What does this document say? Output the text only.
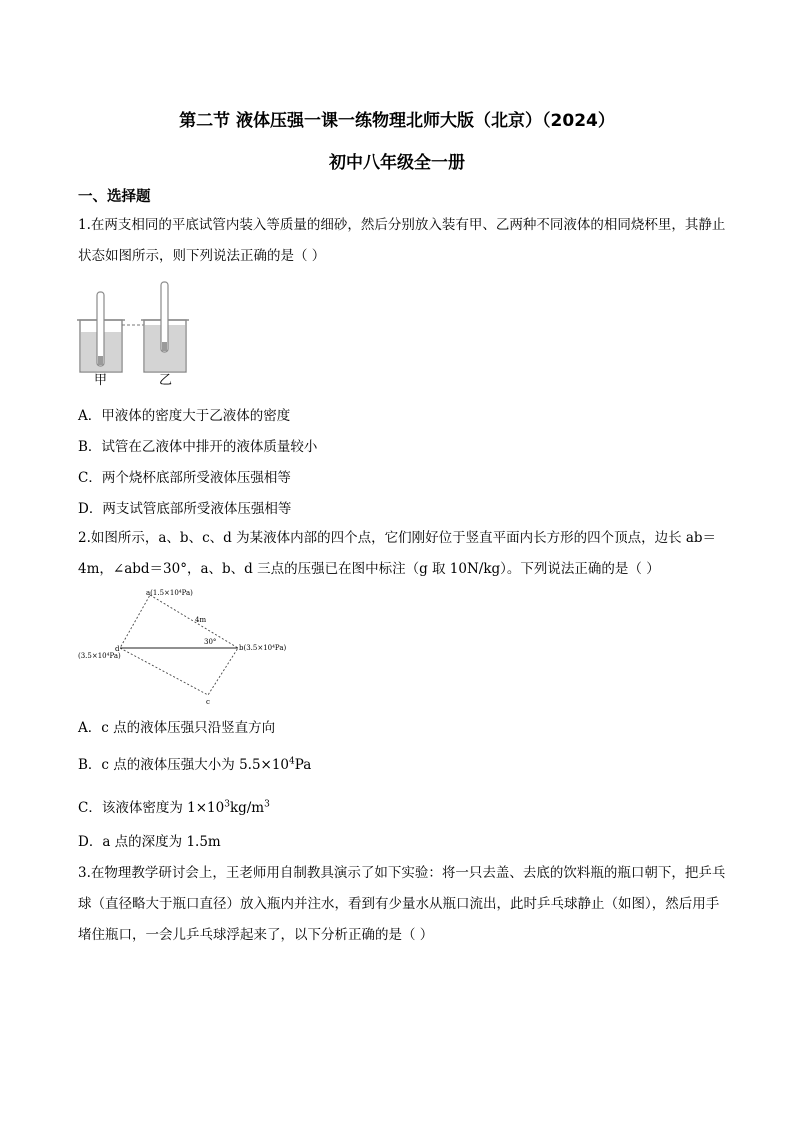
第二节 液体压强一课一练物理北师大版（北京）（2024）
初中八年级全一册
一、选择题
1.在两支相同的平底试管内装入等质量的细砂，然后分别放入装有甲、乙两种不同液体的相同烧杯里，其静止状态如图所示，则下列说法正确的是（ ）
甲	乙
A．甲液体的密度大于乙液体的密度
B．试管在乙液体中排开的液体质量较小
C．两个烧杯底部所受液体压强相等
D．两支试管底部所受液体压强相等
2.如图所示，a、b、c、d 为某液体内部的四个点，它们刚好位于竖直平面内长方形的四个顶点，边长 ab＝4m，∠abd＝30°，a、b、d 三点的压强已在图中标注（g 取 10N/kg）。下列说法正确的是（ ）
a(1.5×10⁴Pa)
b(3.5×10⁴Pa)
d
(3.5×10⁴Pa)
c
4m
30°
A．c 点的液体压强只沿竖直方向
B．c 点的液体压强大小为 $5.5\times 10^4Pa$
C．该液体密度为 $1\times 10^3kg/m^3$
D．a 点的深度为 1.5m
3.在物理教学研讨会上，王老师用自制教具演示了如下实验：将一只去盖、去底的饮料瓶的瓶口朝下，把乒乓球（直径略大于瓶口直径）放入瓶内并注水，看到有少量水从瓶口流出，此时乒乓球静止（如图），然后用手堵住瓶口，一会儿乒乓球浮起来了，以下分析正确的是（ ）
